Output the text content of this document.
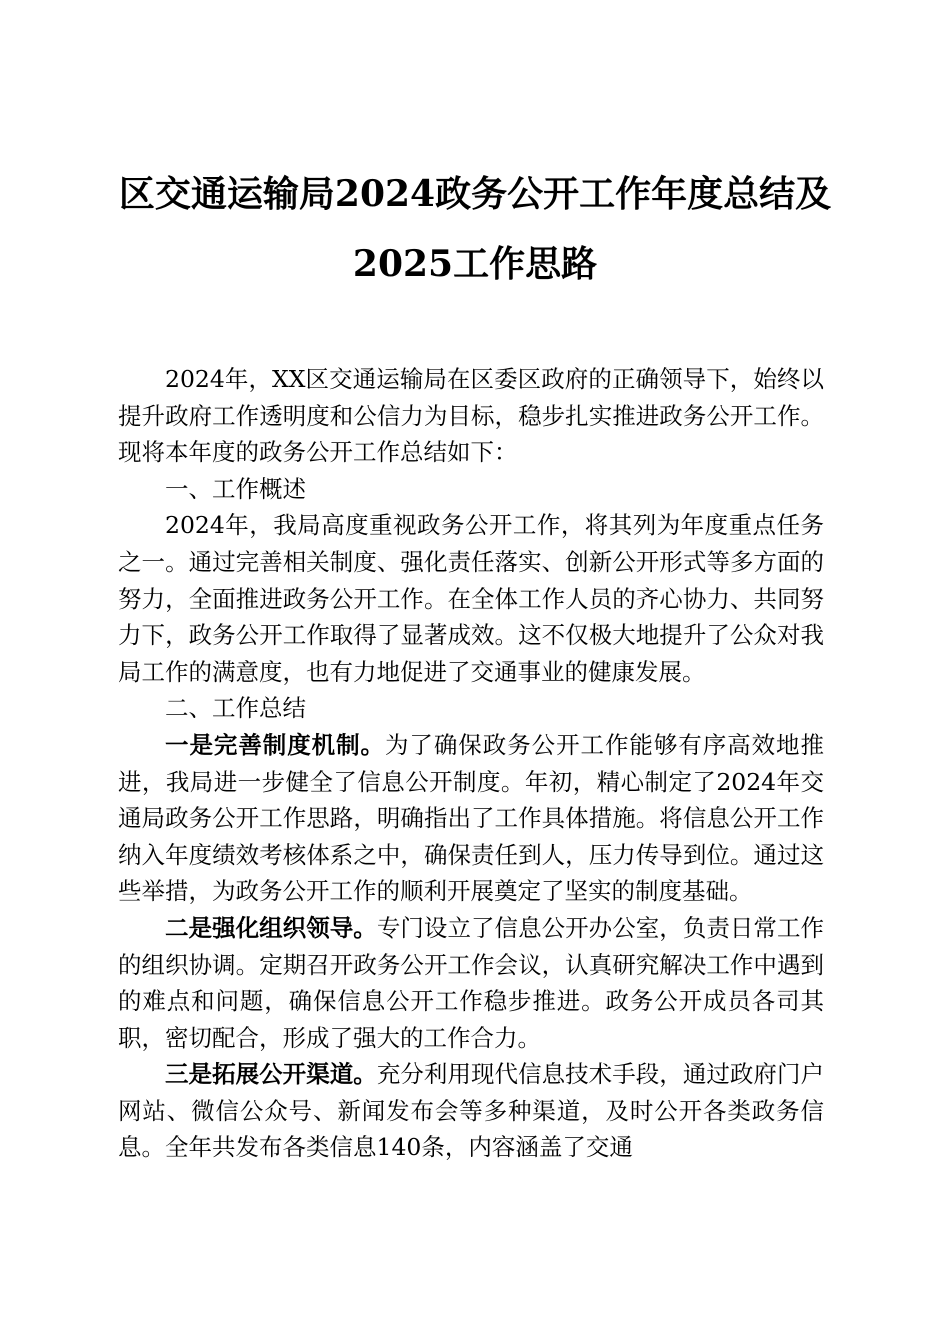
区交通运输局2024政务公开工作年度总结及
2025工作思路

2024年，XX区交通运输局在区委区政府的正确领导下，始终以提升政府工作透明度和公信力为目标，稳步扎实推进政务公开工作。现将本年度的政务公开工作总结如下：

一、工作概述

2024年，我局高度重视政务公开工作，将其列为年度重点任务之一。通过完善相关制度、强化责任落实、创新公开形式等多方面的努力，全面推进政务公开工作。在全体工作人员的齐心协力、共同努力下，政务公开工作取得了显著成效。这不仅极大地提升了公众对我局工作的满意度，也有力地促进了交通事业的健康发展。

二、工作总结

一是完善制度机制。为了确保政务公开工作能够有序高效地推进，我局进一步健全了信息公开制度。年初，精心制定了2024年交通局政务公开工作思路，明确指出了工作具体措施。将信息公开工作纳入年度绩效考核体系之中，确保责任到人，压力传导到位。通过这些举措，为政务公开工作的顺利开展奠定了坚实的制度基础。

二是强化组织领导。专门设立了信息公开办公室，负责日常工作的组织协调。定期召开政务公开工作会议，认真研究解决工作中遇到的难点和问题，确保信息公开工作稳步推进。政务公开成员各司其职，密切配合，形成了强大的工作合力。

三是拓展公开渠道。充分利用现代信息技术手段，通过政府门户网站、微信公众号、新闻发布会等多种渠道，及时公开各类政务信息。全年共发布各类信息140条，内容涵盖了交通
